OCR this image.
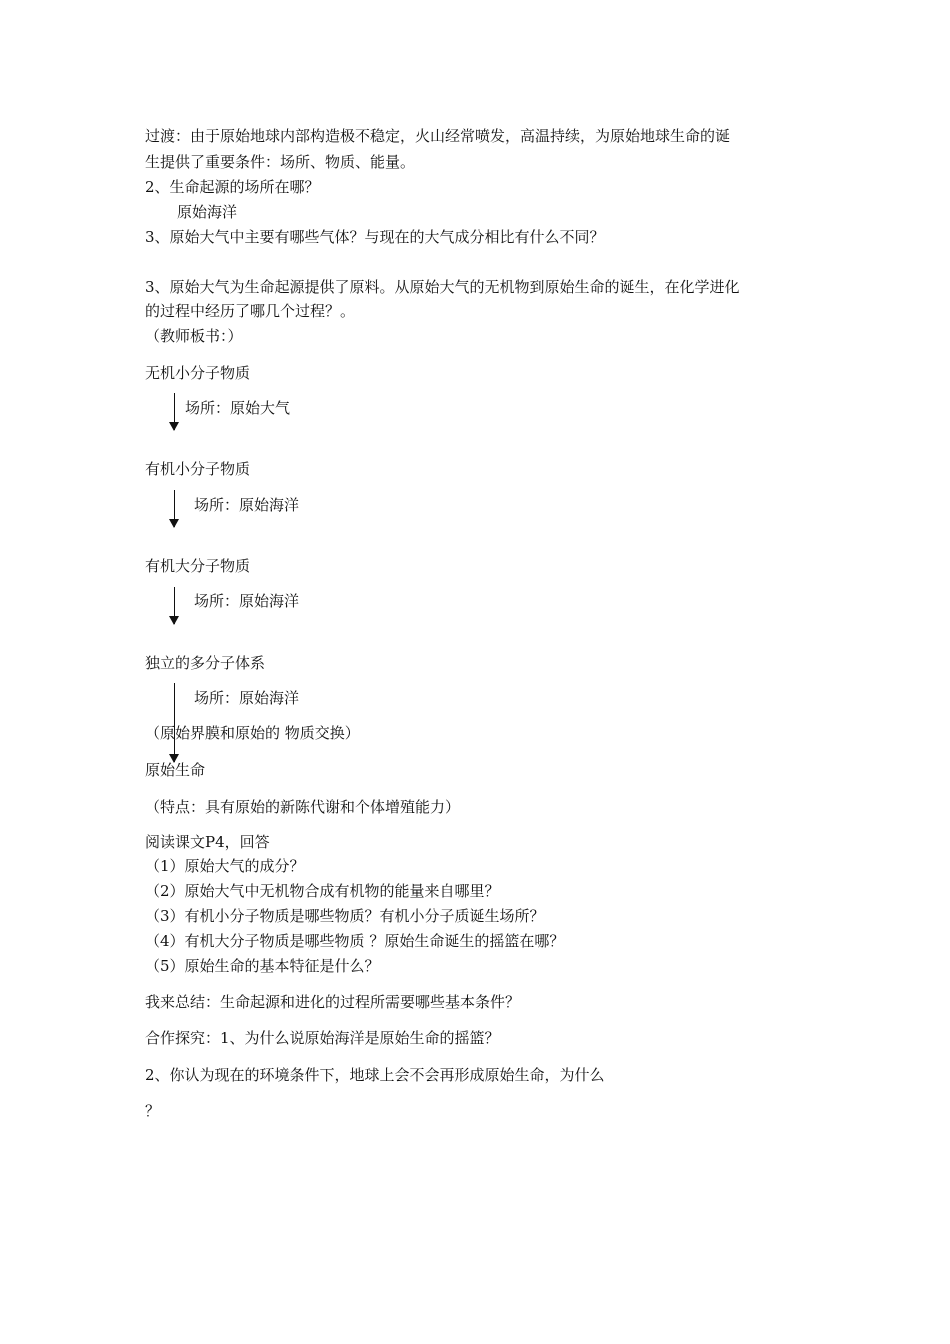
过渡：由于原始地球内部构造极不稳定，火山经常喷发，高温持续，为原始地球生命的诞
生提供了重要条件：场所、物质、能量。
2、生命起源的场所在哪？
原始海洋
3、原始大气中主要有哪些气体？与现在的大气成分相比有什么不同？
3、原始大气为生命起源提供了原料。从原始大气的无机物到原始生命的诞生，在化学进化
的过程中经历了哪几个过程？。
（教师板书：）
无机小分子物质
场所：原始大气
有机小分子物质
场所：原始海洋
有机大分子物质
场所：原始海洋
独立的多分子体系
场所：原始海洋
（原始界膜和原始的 物质交换）
原始生命
（特点：具有原始的新陈代谢和个体增殖能力）
阅读课文P4，回答
（1）原始大气的成分？
（2）原始大气中无机物合成有机物的能量来自哪里？
（3）有机小分子物质是哪些物质？有机小分子质诞生场所？
（4）有机大分子物质是哪些物质 ？原始生命诞生的摇篮在哪？
（5）原始生命的基本特征是什么？
我来总结：生命起源和进化的过程所需要哪些基本条件？
合作探究：1、为什么说原始海洋是原始生命的摇篮？
2、你认为现在的环境条件下，地球上会不会再形成原始生命，为什么
？
